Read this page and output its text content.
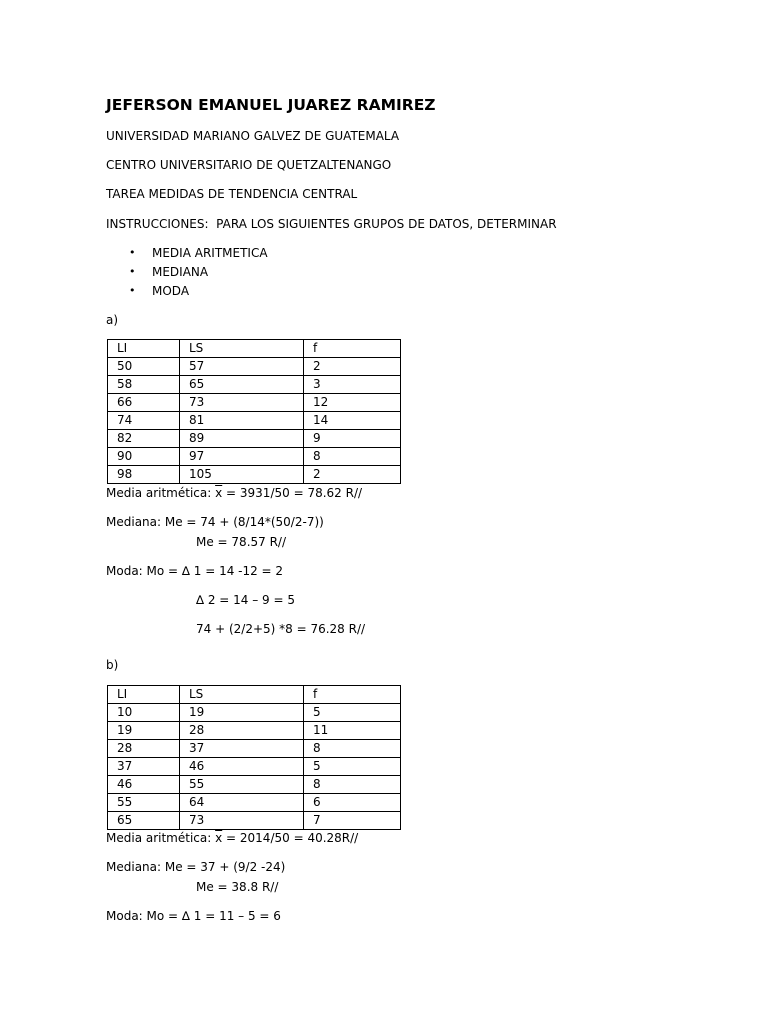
JEFERSON EMANUEL JUAREZ RAMIREZ
UNIVERSIDAD MARIANO GALVEZ DE GUATEMALA
CENTRO UNIVERSITARIO DE QUETZALTENANGO
TAREA MEDIDAS DE TENDENCIA CENTRAL
INSTRUCCIONES:  PARA LOS SIGUIENTES GRUPOS DE DATOS, DETERMINAR
• MEDIA ARITMETICA
• MEDIANA
• MODA
a)
LI	LS	f
50	57	2
58	65	3
66	73	12
74	81	14
82	89	9
90	97	8
98	105	2
Media aritmética: $\overline{x} = 3931/50 = 78.62$ R//
Mediana: Me = 74 + (8/14*(50/2-7))
Me = 78.57 R//
Moda: Mo = ∆ 1 = 14 -12 = 2
∆ 2 = 14 – 9 = 5
74 + (2/2+5) *8 = 76.28 R//
b)
LI	LS	f
10	19	5
19	28	11
28	37	8
37	46	5
46	55	8
55	64	6
65	73	7
Media aritmética: $\overline{x} = 2014/50 = 40.28R//$
Mediana: Me = 37 + (9/2 -24)
Me = 38.8 R//
Moda: Mo = ∆ 1 = 11 – 5 = 6
